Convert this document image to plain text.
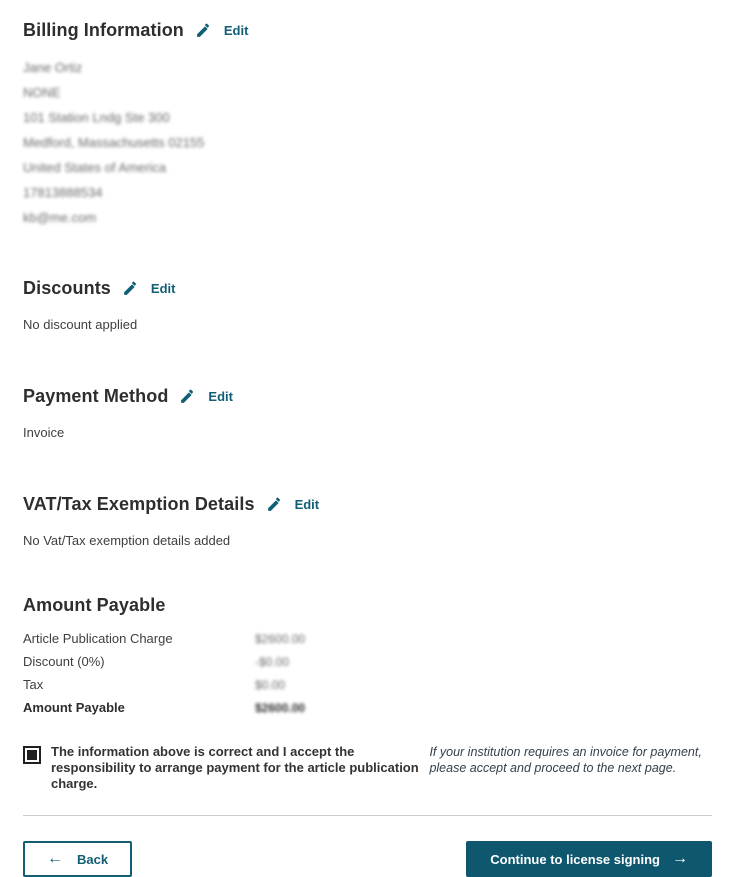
Billing Information	Edit
Jane Ortiz
NONE
101 Station Lndg Ste 300
Medford, Massachusetts 02155
United States of America
17813888534
kb@me.com
Discounts	Edit
No discount applied
Payment Method	Edit
Invoice
VAT/Tax Exemption Details	Edit
No Vat/Tax exemption details added
Amount Payable
Article Publication Charge	$2600.00
Discount (0%)	-$0.00
Tax	$0.00
Amount Payable	$2600.00
The information above is correct and I accept the responsibility to arrange payment for the article publication charge.
If your institution requires an invoice for payment, please accept and proceed to the next page.
← Back	Continue to license signing →
